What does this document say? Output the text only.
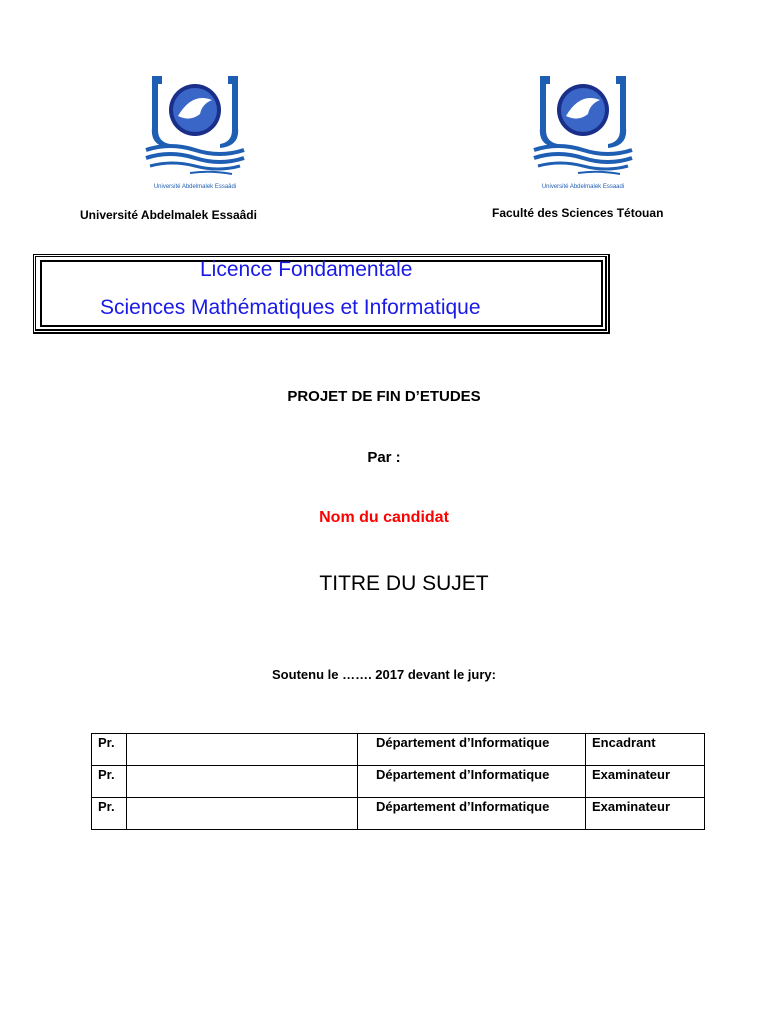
Université Abdelmalek Essaâdi	Université Abdelmalek Essaadi
Université Abdelmalek Essaâdi	Faculté des Sciences Tétouan
Licence Fondamentale
Sciences Mathématiques et Informatique
PROJET DE FIN D’ETUDES
Par :
Nom du candidat
TITRE DU SUJET
Soutenu le ……. 2017 devant le jury:
Pr.		Département d’Informatique	Encadrant
Pr.		Département d’Informatique	Examinateur
Pr.		Département d’Informatique	Examinateur
